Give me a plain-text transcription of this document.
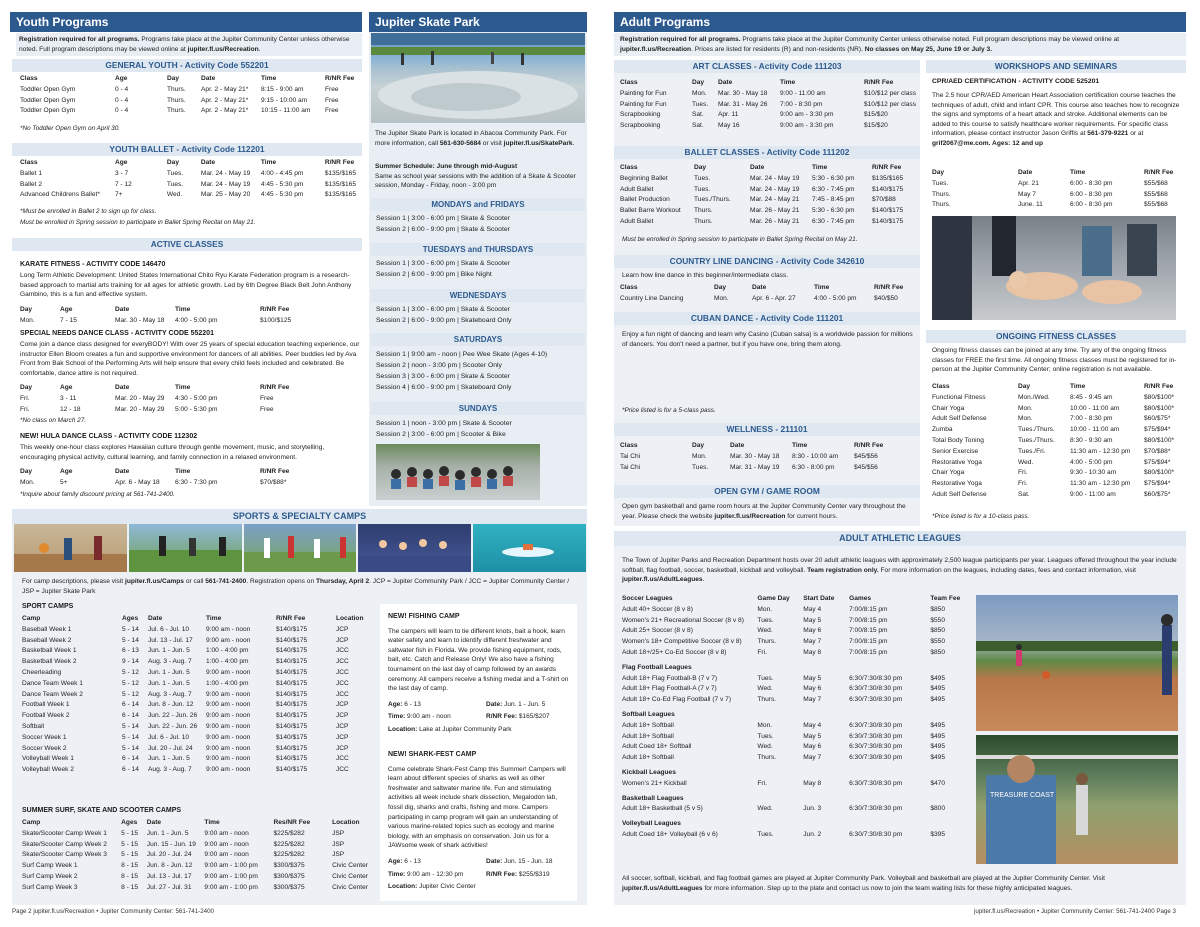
Youth Programs
Registration required for all programs. Programs take place at the Jupiter Community Center unless otherwise noted. Full program descriptions may be viewed online at jupiter.fl.us/Recreation.
GENERAL YOUTH - Activity Code 552201
Class	Age	Day	Date	Time	R/NR Fee
Toddler Open Gym	0 - 4	Thurs.	Apr. 2 - May 21*	8:15 - 9:00 am	Free
Toddler Open Gym	0 - 4	Thurs.	Apr. 2 - May 21*	9:15 - 10:00 am	Free
Toddler Open Gym	0 - 4	Thurs.	Apr. 2 - May 21*	10:15 - 11:00 am	Free
*No Toddler Open Gym on April 30.
YOUTH BALLET - Activity Code 112201
Class	Age	Day	Date	Time	R/NR Fee
Ballet 1	3 - 7	Tues.	Mar. 24 - May 19	4:00 - 4:45 pm	$135/$165
Ballet 2	7 - 12	Tues.	Mar. 24 - May 19	4:45 - 5:30 pm	$135/$165
Advanced Childrens Ballet*	7+	Wed.	Mar. 25 - May 20	4:45 - 5:30 pm	$135/$165
*Must be enrolled in Ballet 2 to sign up for class.
Must be enrolled in Spring session to participate in Ballet Spring Recital on May 21.
ACTIVE CLASSES
KARATE FITNESS - ACTIVITY CODE 146470
Long Term Athletic Development: United States International Chito Ryu Karate Federation program is a research-based approach to martial arts training for all ages for athletic growth. Led by 6th Degree Black Belt John Anthony Gambino, this is a fun and effective system.
Day	Age	Date	Time	R/NR Fee
Mon.	7 - 15	Mar. 30 - May 18	4:00 - 5:00 pm	$100/$125
SPECIAL NEEDS DANCE CLASS - ACTIVITY CODE 552201
Come join a dance class designed for everyBODY! With over 25 years of special education teaching experience, our instructor Ellen Bloom creates a fun and supportive environment for dancers of all abilities. Peer buddies led by Ava Front from Bak School of the Performing Arts will help ensure that every child feels included and celebrated. Be comfortable, dance attire is not required.
Day	Age	Date	Time	R/NR Fee
Fri.	3 - 11	Mar. 20 - May 29	4:30 - 5:00 pm	Free
Fri.	12 - 18	Mar. 20 - May 29	5:00 - 5:30 pm	Free
*No class on March 27.
NEW! HULA DANCE CLASS - ACTIVITY CODE 112302
This weekly one-hour class explores Hawaiian culture through gentle movement, music, and storytelling, encouraging physical activity, cultural learning, and family connection in a relaxed environment.
Day	Age	Date	Time	R/NR Fee
Mon.	5+	Apr. 6 - May 18	6:30 - 7:30 pm	$70/$88*
*Inquire about family discount pricing at 561-741-2400.
Jupiter Skate Park
The Jupiter Skate Park is located in Abacoa Community Park. For more information, call 561-630-5684 or visit jupiter.fl.us/SkatePark.
Summer Schedule: June through mid-August
Same as school year sessions with the addition of a Skate & Scooter session, Monday - Friday, noon - 3:00 pm
MONDAYS and FRIDAYS
Session 1 | 3:00 - 6:00 pm | Skate & Scooter
Session 2 | 6:00 - 9:00 pm | Skate & Scooter
TUESDAYS and THURSDAYS
Session 1 | 3:00 - 6:00 pm | Skate & Scooter
Session 2 | 6:00 - 9:00 pm | Bike Night
WEDNESDAYS
Session 1 | 3:00 - 6:00 pm | Skate & Scooter
Session 2 | 6:00 - 9:00 pm | Skateboard Only
SATURDAYS
Session 1 | 9:00 am - noon | Pee Wee Skate (Ages 4-10)
Session 2 | noon - 3:00 pm | Scooter Only
Session 3 | 3:00 - 6:00 pm | Skate & Scooter
Session 4 | 6:00 - 9:00 pm | Skateboard Only
SUNDAYS
Session 1 | noon - 3:00 pm | Skate & Scooter
Session 2 | 3:00 - 6:00 pm | Scooter & Bike
SPORTS & SPECIALTY CAMPS
For camp descriptions, please visit jupiter.fl.us/Camps or call 561-741-2400. Registration opens on Thursday, April 2. JCP = Jupiter Community Park / JCC = Jupiter Community Center / JSP = Jupiter Skate Park
SPORT CAMPS
Camp	Ages	Date	Time	R/NR Fee	Location
Baseball Week 1	5 - 14	Jul. 6 - Jul. 10	9:00 am - noon	$140/$175	JCP
Baseball Week 2	5 - 14	Jul. 13 - Jul. 17	9:00 am - noon	$140/$175	JCP
Basketball Week 1	6 - 13	Jun. 1 - Jun. 5	1:00 - 4:00 pm	$140/$175	JCC
Basketball Week 2	9 - 14	Aug. 3 - Aug. 7	1:00 - 4:00 pm	$140/$175	JCC
Cheerleading	5 - 12	Jun. 1 - Jun. 5	9:00 am - noon	$140/$175	JCC
Dance Team Week 1	5 - 12	Jun. 1 - Jun. 5	1:00 - 4:00 pm	$140/$175	JCC
Dance Team Week 2	5 - 12	Aug. 3 - Aug. 7	9:00 am - noon	$140/$175	JCC
Football Week 1	6 - 14	Jun. 8 - Jun. 12	9:00 am - noon	$140/$175	JCP
Football Week 2	6 - 14	Jun. 22 - Jun. 26	9:00 am - noon	$140/$175	JCP
Softball	5 - 14	Jun. 22 - Jun. 26	9:00 am - noon	$140/$175	JCP
Soccer Week 1	5 - 14	Jul. 6 - Jul. 10	9:00 am - noon	$140/$175	JCP
Soccer Week 2	5 - 14	Jul. 20 - Jul. 24	9:00 am - noon	$140/$175	JCP
Volleyball Week 1	6 - 14	Jun. 1 - Jun. 5	9:00 am - noon	$140/$175	JCC
Volleyball Week 2	6 - 14	Aug. 3 - Aug. 7	9:00 am - noon	$140/$175	JCC
SUMMER SURF, SKATE AND SCOOTER CAMPS
Camp	Ages	Date	Time	Res/NR Fee	Location
Skate/Scooter Camp Week 1	5 - 15	Jun. 1 - Jun. 5	9:00 am - noon	$225/$282	JSP
Skate/Scooter Camp Week 2	5 - 15	Jun. 15 - Jun. 19	9:00 am - noon	$225/$282	JSP
Skate/Scooter Camp Week 3	5 - 15	Jul. 20 - Jul. 24	9:00 am - noon	$225/$282	JSP
Surf Camp Week 1	8 - 15	Jun. 8 - Jun. 12	9:00 am - 1:00 pm	$300/$375	Civic Center
Surf Camp Week 2	8 - 15	Jul. 13 - Jul. 17	9:00 am - 1:00 pm	$300/$375	Civic Center
Surf Camp Week 3	8 - 15	Jul. 27 - Jul. 31	9:00 am - 1:00 pm	$300/$375	Civic Center
NEW! FISHING CAMP
The campers will learn to tie different knots, bait a hook, learn water safety and learn to identify different freshwater and saltwater fish in Florida. We provide fishing equipment, rods, bait, etc. Catch and Release Only! We also have a fishing tournament on the last day of camp followed by an awards ceremony. All campers receive a fishing medal and a T-shirt on the last day of camp.
Age: 6 - 13	Date: Jun. 1 - Jun. 5
Time: 9:00 am - noon	R/NR Fee: $165/$207
Location: Lake at Jupiter Community Park
NEW! SHARK-FEST CAMP
Come celebrate Shark-Fest Camp this Summer! Campers will learn about different species of sharks as well as other freshwater and saltwater marine life. Fun and stimulating activities all week include shark dissection, Megalodon lab, fossil dig, sharks and crafts, fishing and more. Campers participating in camp program will gain an understanding of various marine-related topics such as ecology and marine biology, with an emphasis on conservation. Join us for a JAWsome week of shark activities!
Age: 6 - 13	Date: Jun. 15 - Jun. 18
Time: 9:00 am - 12:30 pm	R/NR Fee: $255/$319
Location: Jupiter Civic Center
Page 2 jupiter.fl.us/Recreation • Jupiter Community Center: 561-741-2400
Adult Programs
Registration required for all programs. Programs take place at the Jupiter Community Center unless otherwise noted. Full program descriptions may be viewed online at jupiter.fl.us/Recreation. Prices are listed for residents (R) and non-residents (NR). No classes on May 25, June 19 or July 3.
ART CLASSES - Activity Code 111203
Class	Day	Date	Time	R/NR Fee
Painting for Fun	Mon.	Mar. 30 - May 18	9:00 - 11:00 am	$10/$12 per class
Painting for Fun	Tues.	Mar. 31 - May 26	7:00 - 8:30 pm	$10/$12 per class
Scrapbooking	Sat.	Apr. 11	9:00 am - 3:30 pm	$15/$20
Scrapbooking	Sat.	May 16	9:00 am - 3:30 pm	$15/$20
BALLET CLASSES - Activity Code 111202
Class	Day	Date	Time	R/NR Fee
Beginning Ballet	Tues.	Mar. 24 - May 19	5:30 - 6:30 pm	$135/$165
Adult Ballet	Tues.	Mar. 24 - May 19	6:30 - 7:45 pm	$140/$175
Ballet Production	Tues./Thurs.	Mar. 24 - May 21	7:45 - 8:45 pm	$70/$88
Ballet Barre Workout	Thurs.	Mar. 26 - May 21	5:30 - 6:30 pm	$140/$175
Adult Ballet	Thurs.	Mar. 26 - May 21	6:30 - 7:45 pm	$140/$175
Must be enrolled in Spring session to participate in Ballet Spring Recital on May 21.
COUNTRY LINE DANCING - Activity Code 342610
Learn how line dance in this beginner/intermediate class.
Class	Day	Date	Time	R/NR Fee
Country Line Dancing	Mon.	Apr. 6 - Apr. 27	4:00 - 5:00 pm	$40/$50
CUBAN DANCE - Activity Code 111201
Enjoy a fun night of dancing and learn why Casino (Cuban salsa) is a worldwide passion for millions of dancers. You don't need a partner, but if you have one, bring them along.
*Price listed is for a 5-class pass.
WELLNESS - 211101
Class	Day	Date	Time	R/NR Fee
Tai Chi	Mon.	Mar. 30 - May 18	8:30 - 10:00 am	$45/$56
Tai Chi	Tues.	Mar. 31 - May 19	6:30 - 8:00 pm	$45/$56
OPEN GYM / GAME ROOM
Open gym basketball and game room hours at the Jupiter Community Center vary throughout the year. Please check the website jupiter.fl.us/Recreation for current hours.
WORKSHOPS AND SEMINARS
CPR/AED CERTIFICATION - ACTIVITY CODE 525201
The 2.5 hour CPR/AED American Heart Association certification course teaches the techniques of adult, child and infant CPR. This course also teaches how to recognize the signs and symptoms of a heart attack and stroke. Additional elements can be added to this course to satisfy healthcare worker requirements. For specific class information, please contact instructor Jason Griffis at 561-379-9221 or at grif2067@me.com. Ages: 12 and up
Day	Date	Time	R/NR Fee
Tues.	Apr. 21	6:00 - 8:30 pm	$55/$68
Thurs.	May 7	6:00 - 8:30 pm	$55/$68
Thurs.	June. 11	6:00 - 8:30 pm	$55/$68
ONGOING FITNESS CLASSES
Ongoing fitness classes can be joined at any time. Try any of the ongoing fitness classes for FREE the first time. All ongoing fitness classes must be registered for in-person at the Jupiter Community Center; online registration is not available.
Class	Day	Time	R/NR Fee
Functional Fitness	Mon./Wed.	8:45 - 9:45 am	$80/$100*
Chair Yoga	Mon.	10:00 - 11:00 am	$80/$100*
Adult Self Defense	Mon.	7:00 - 8:30 pm	$60/$75*
Zumba	Tues./Thurs.	10:00 - 11:00 am	$75/$94*
Total Body Toning	Tues./Thurs.	8:30 - 9:30 am	$80/$100*
Senior Exercise	Tues./Fri.	11:30 am - 12:30 pm	$70/$88*
Restorative Yoga	Wed.	4:00 - 5:00 pm	$75/$94*
Chair Yoga	Fri.	9:30 - 10:30 am	$80/$100*
Restorative Yoga	Fri.	11:30 am - 12:30 pm	$75/$94*
Adult Self Defense	Sat.	9:00 - 11:00 am	$60/$75*
*Price listed is for a 10-class pass.
ADULT ATHLETIC LEAGUES
The Town of Jupiter Parks and Recreation Department hosts over 20 adult athletic leagues with approximately 2,500 league participants per year. Leagues offered throughout the year include softball, flag football, soccer, basketball, kickball and volleyball. Team registration only. For more information on the leagues, including dates, fees and contact information, visit jupiter.fl.us/AdultLeagues.
Soccer Leagues	Game Day	Start Date	Games	Team Fee
Adult 40+ Soccer (8 v 8)	Mon.	May 4	7:00/8:15 pm	$850
Women's 21+ Recreational Soccer (8 v 8)	Tues.	May 5	7:00/8:15 pm	$550
Adult 25+ Soccer (8 v 8)	Wed.	May 6	7:00/8:15 pm	$850
Women's 18+ Competitive Soccer (8 v 8)	Thurs.	May 7	7:00/8:15 pm	$550
Adult 18+/25+ Co-Ed Soccer (8 v 8)	Fri.	May 8	7:00/8:15 pm	$850
Flag Football Leagues				
Adult 18+ Flag Football-B (7 v 7)	Tues.	May 5	6:30/7:30/8:30 pm	$495
Adult 18+ Flag Football-A (7 v 7)	Wed.	May 6	6:30/7:30/8:30 pm	$495
Adult 18+ Co-Ed Flag Football (7 v 7)	Thurs.	May 7	6:30/7:30/8:30 pm	$495
Softball Leagues				
Adult 18+ Softball	Mon.	May 4	6:30/7:30/8:30 pm	$495
Adult 18+ Softball	Tues.	May 5	6:30/7:30/8:30 pm	$495
Adult Coed 18+ Softball	Wed.	May 6	6:30/7:30/8:30 pm	$495
Adult 18+ Softball	Thurs.	May 7	6:30/7:30/8:30 pm	$495
Kickball Leagues				
Women's 21+ Kickball	Fri.	May 8	6:30/7:30/8:30 pm	$470
Basketball Leagues				
Adult 18+ Basketball (5 v 5)	Wed.	Jun. 3	6:30/7:30/8:30 pm	$800
Volleyball Leagues				
Adult Coed 18+ Volleyball (6 v 6)	Tues.	Jun. 2	6:30/7:30/8:30 pm	$395
TREASURE COAST
All soccer, softball, kickball, and flag football games are played at Jupiter Community Park. Volleyball and basketball are played at the Jupiter Community Center. Visit jupiter.fl.us/AdultLeagues for more information. Step up to the plate and contact us now to join the team waiting lists for these highly anticipated leagues.
jupiter.fl.us/Recreation • Jupiter Community Center: 561-741-2400 Page 3
